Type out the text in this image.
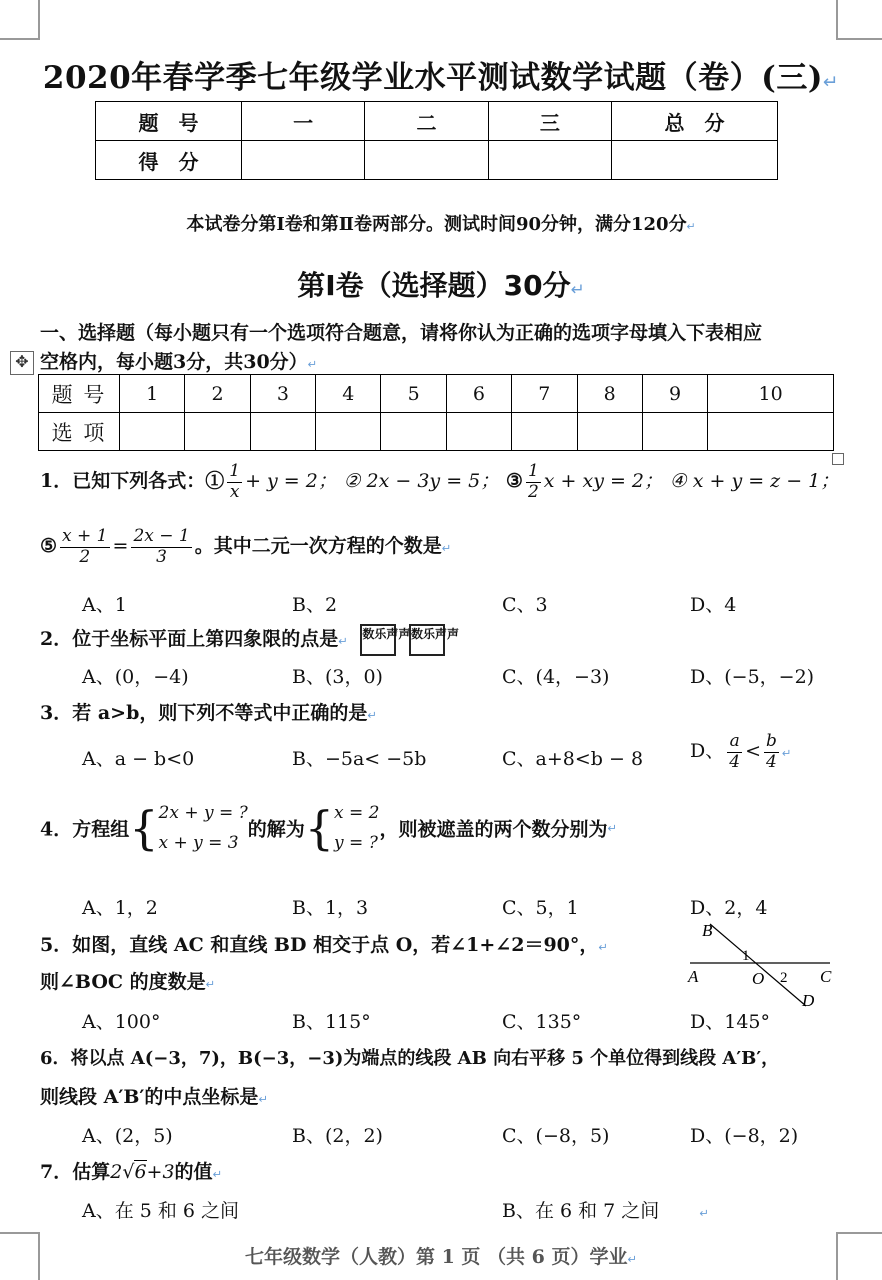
2020年春学季七年级学业水平测试数学试题（卷）(三)↵
题　号	一	二	三	总　分
得　分				
本试卷分第Ⅰ卷和第Ⅱ卷两部分。测试时间90分钟，满分120分↵
第Ⅰ卷（选择题）30分↵
一、选择题（每小题只有一个选项符合题意，请将你认为正确的选项字母填入下表相应
✥ 空格内，每小题3分，共30分）↵
题 号	1	2	3	4	5	6	7	8	9	10
选 项										
1．已知下列各式：① $\frac{1}{x} + y = 2$； ② 2x − 3y = 5； ③ $\frac{1}{2}$ x + xy = 2； ④ x + y = z − 1；
⑤ $\frac{x + 1}{2} = \frac{2x - 1}{3}$ 。其中二元一次方程的个数是↵
A、1	B、2	C、3	D、4
2．位于坐标平面上第四象限的点是↵ 数乐声声 数乐声声
A、(0，−4)	B、(3，0)	C、(4，−3)	D、(−5，−2)
3．若 a>b，则下列不等式中正确的是↵
A、a − b<0	B、−5a< −5b	C、a+8<b − 8 D、 $\frac{a}{4} < \frac{b}{4}$ ↵
4．方程组{2x + y = ?
x + y = 3的解为{x = 2
y = ?，则被遮盖的两个数分别为↵
A、1，2	B、1，3	C、5，1	D、2，4
5．如图，直线 AC 和直线 BD 相交于点 O，若∠1+∠2＝90°，↵
则∠BOC 的度数是↵
B
A	O	C
D
1
2
A、100°	B、115°	C、135°	D、145°
6．将以点 A(−3，7)，B(−3，−3)为端点的线段 AB 向右平移 5 个单位得到线段 A′B′，
则线段 A′B′的中点坐标是↵
A、(2，5)	B、(2，2)	C、(−8，5)	D、(−8，2)
7．估算2√6+3的值↵
A、在 5 和 6 之间	B、在 6 和 7 之间	↵
七年级数学（人教）第 1 页 （共 6 页）学业↵
